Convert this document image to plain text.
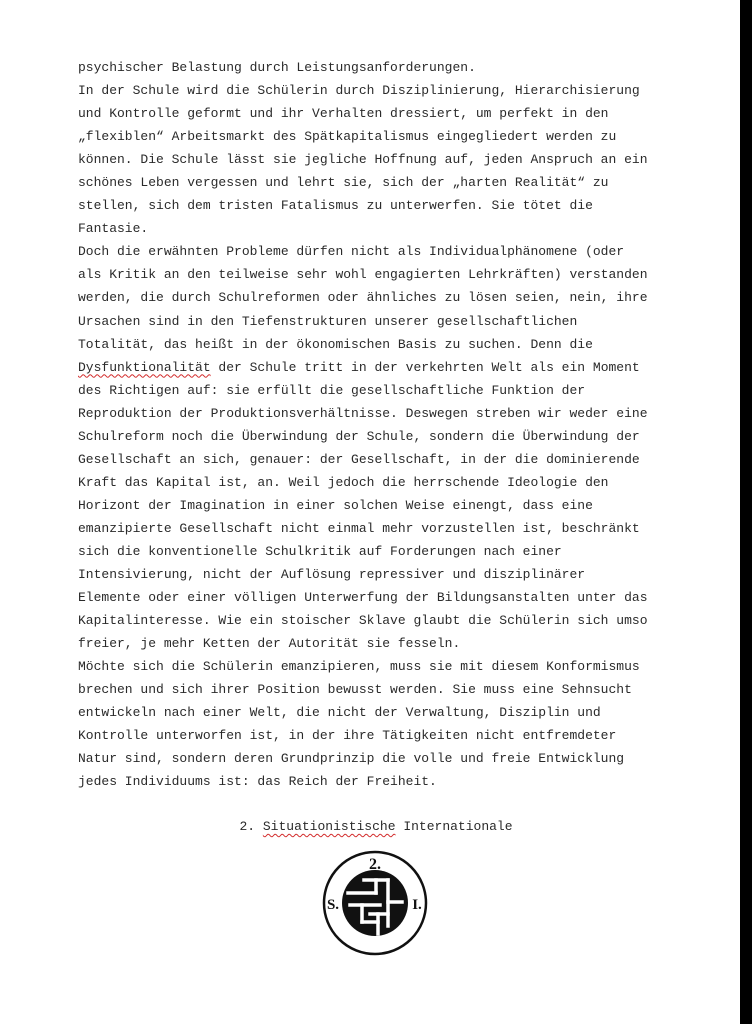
psychischer Belastung durch Leistungsanforderungen.
In der Schule wird die Schülerin durch Disziplinierung, Hierarchisierung
und Kontrolle geformt und ihr Verhalten dressiert, um perfekt in den
„flexiblen“ Arbeitsmarkt des Spätkapitalismus eingegliedert werden zu
können. Die Schule lässt sie jegliche Hoffnung auf, jeden Anspruch an ein
schönes Leben vergessen und lehrt sie, sich der „harten Realität“ zu
stellen, sich dem tristen Fatalismus zu unterwerfen. Sie tötet die
Fantasie.
Doch die erwähnten Probleme dürfen nicht als Individualphänomene (oder
als Kritik an den teilweise sehr wohl engagierten Lehrkräften) verstanden
werden, die durch Schulreformen oder ähnliches zu lösen seien, nein, ihre
Ursachen sind in den Tiefenstrukturen unserer gesellschaftlichen
Totalität, das heißt in der ökonomischen Basis zu suchen. Denn die
Dysfunktionalität der Schule tritt in der verkehrten Welt als ein Moment
des Richtigen auf: sie erfüllt die gesellschaftliche Funktion der
Reproduktion der Produktionsverhältnisse. Deswegen streben wir weder eine
Schulreform noch die Überwindung der Schule, sondern die Überwindung der
Gesellschaft an sich, genauer: der Gesellschaft, in der die dominierende
Kraft das Kapital ist, an. Weil jedoch die herrschende Ideologie den
Horizont der Imagination in einer solchen Weise einengt, dass eine
emanzipierte Gesellschaft nicht einmal mehr vorzustellen ist, beschränkt
sich die konventionelle Schulkritik auf Forderungen nach einer
Intensivierung, nicht der Auflösung repressiver und disziplinärer
Elemente oder einer völligen Unterwerfung der Bildungsanstalten unter das
Kapitalinteresse. Wie ein stoischer Sklave glaubt die Schülerin sich umso
freier, je mehr Ketten der Autorität sie fesseln.
Möchte sich die Schülerin emanzipieren, muss sie mit diesem Konformismus
brechen und sich ihrer Position bewusst werden. Sie muss eine Sehnsucht
entwickeln nach einer Welt, die nicht der Verwaltung, Disziplin und
Kontrolle unterworfen ist, in der ihre Tätigkeiten nicht entfremdeter
Natur sind, sondern deren Grundprinzip die volle und freie Entwicklung
jedes Individuums ist: das Reich der Freiheit.
2. Situationistische Internationale
2.
S.	I.
